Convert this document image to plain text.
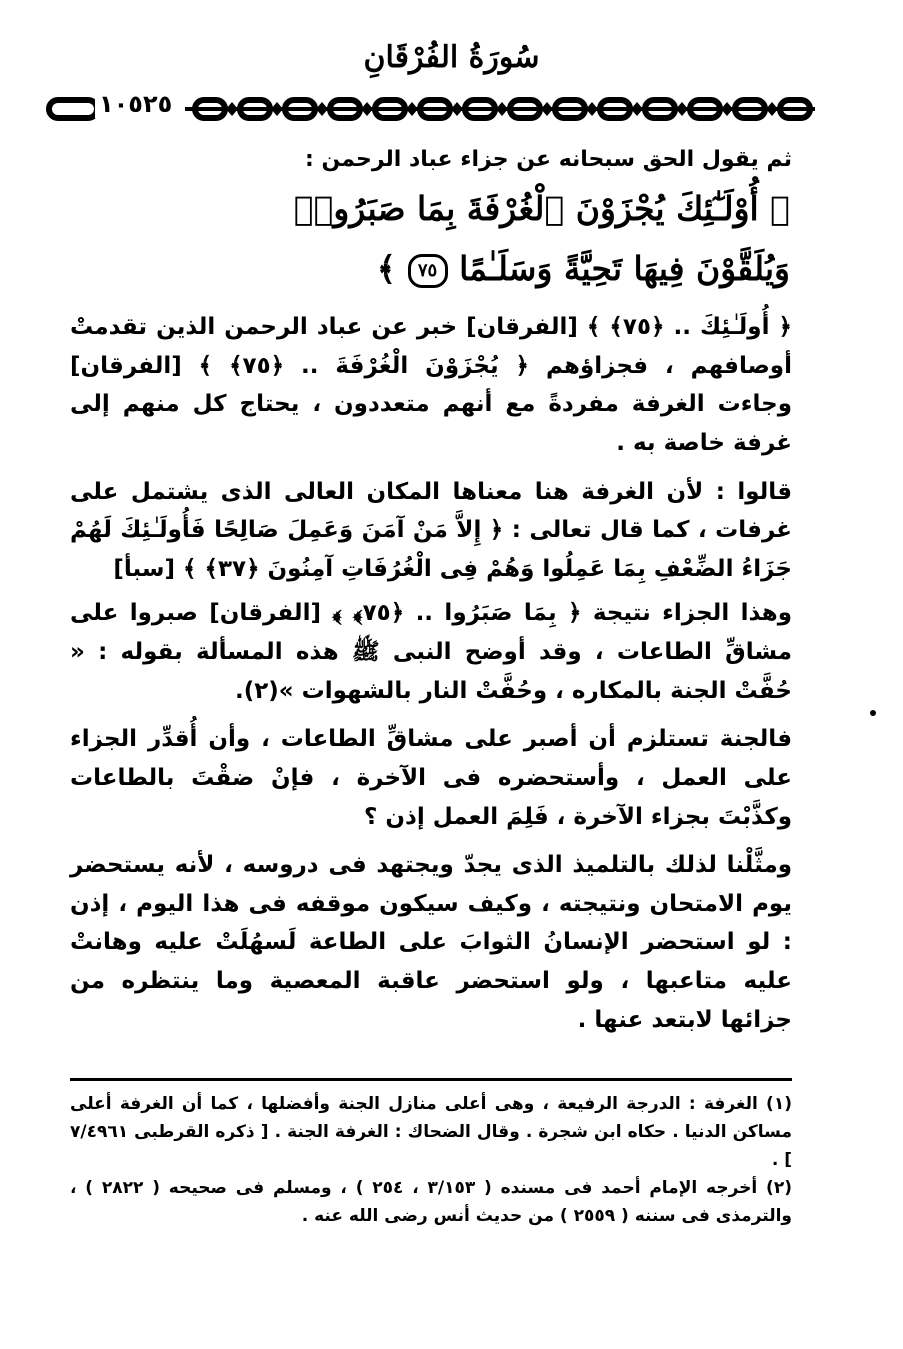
سُورَةُ الفُرْقَانِ
١٠٥٢٥
ثم يقول الحق سبحانه عن جزاء عباد الرحمن :
﴿ أُوْلَـٰٓئِكَ يُجْزَوْنَ ٱلْغُرْفَةَ بِمَا صَبَرُوا۟
وَيُلَقَّوْنَ فِيهَا تَحِيَّةً وَسَلَـٰمًا ٧٥ ﴾

﴿ أُولَـٰئِكَ .. ﴿٧٥﴾ ﴾ [الفرقان] خبر عن عباد الرحمن الذين تقدمتْ أوصافهم ، فجزاؤهم ﴿ يُجْزَوْنَ الْغُرْفَةَ .. ﴿٧٥﴾ ﴾ [الفرقان] وجاءت الغرفة مفردةً مع أنهم متعددون ، يحتاج كل منهم إلى غرفة خاصة به .

قالوا : لأن الغرفة هنا معناها المكان العالى الذى يشتمل على غرفات ، كما قال تعالى : ﴿ إِلاَّ مَنْ آمَنَ وَعَمِلَ صَالِحًا فَأُولَـٰئِكَ لَهُمْ جَزَاءُ الضِّعْفِ بِمَا عَمِلُوا وَهُمْ فِى الْغُرُفَاتِ آمِنُونَ ﴿٣٧﴾ ﴾ [سبأ]

وهذا الجزاء نتيجة ﴿ بِمَا صَبَرُوا .. ﴿٧٥﴾ ﴾ [الفرقان] صبروا على مشاقِّ الطاعات ، وقد أوضح النبى ﷺ هذه المسألة بقوله : « حُفَّتْ الجنة بالمكاره ، وحُفَّتْ النار بالشهوات »(٢).

فالجنة تستلزم أن أصبر على مشاقِّ الطاعات ، وأن أُقدِّر الجزاء على العمل ، وأستحضره فى الآخرة ، فإنْ ضقْتَ بالطاعات وكذَّبْتَ بجزاء الآخرة ، فَلِمَ العمل إذن ؟

ومثَّلْنا لذلك بالتلميذ الذى يجدّ ويجتهد فى دروسه ، لأنه يستحضر يوم الامتحان ونتيجته ، وكيف سيكون موقفه فى هذا اليوم ، إذن : لو استحضر الإنسانُ الثوابَ على الطاعة لَسهُلَتْ عليه وهانتْ عليه متاعبها ، ولو استحضر عاقبة المعصية وما ينتظره من جزائها لابتعد عنها .

(١) الغرفة : الدرجة الرفيعة ، وهى أعلى منازل الجنة وأفضلها ، كما أن الغرفة أعلى مساكن الدنيا . حكاه ابن شجرة . وقال الضحاك : الغرفة الجنة . [ ذكره القرطبى ٧/٤٩٦١ ] .

(٢) أخرجه الإمام أحمد فى مسنده ( ٣/١٥٣ ، ٢٥٤ ) ، ومسلم فى صحيحه ( ٢٨٢٢ ) ، والترمذى فى سننه ( ٢٥٥٩ ) من حديث أنس رضى الله عنه .
